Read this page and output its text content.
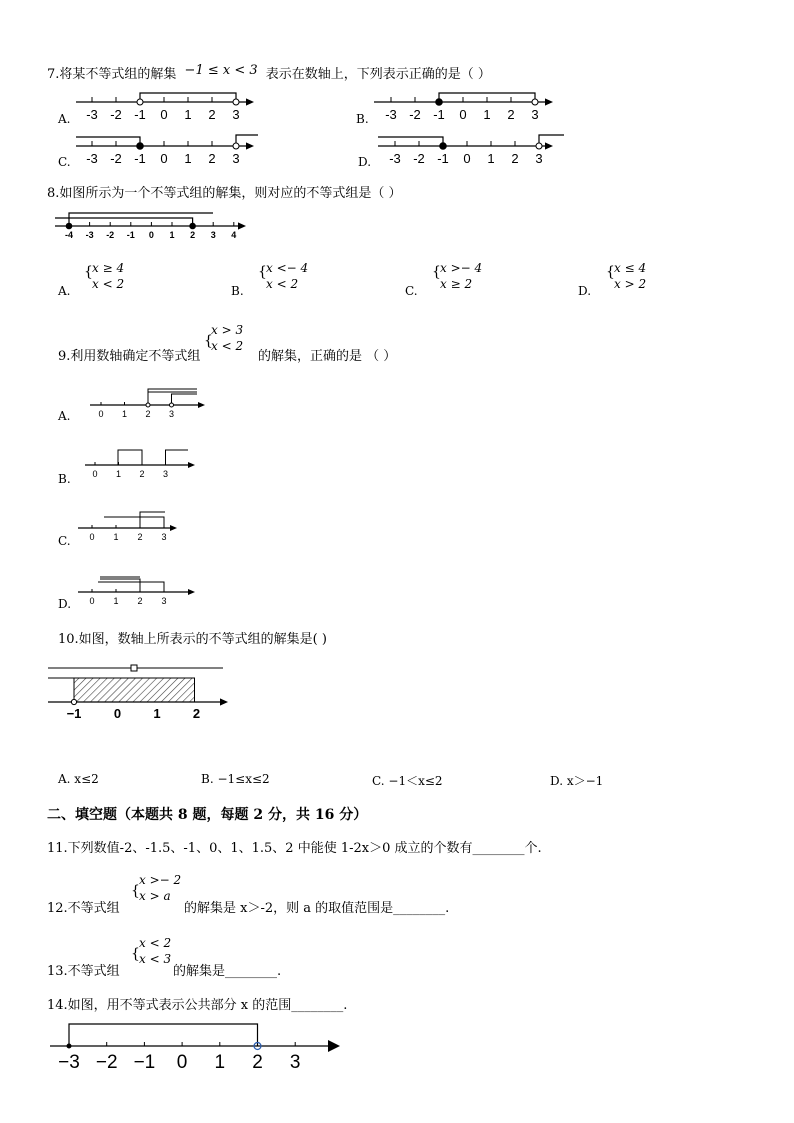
7.将某不等式组的解集 −1 ≤ x < 3 表示在数轴上，下列表示正确的是（ ）
A.	B.
C.	D.
-3 -2 -1 0 1 2 3	-3 -2 -1 0 1 2 3
-3 -2 -1 0 1 2 3	-3 -2 -1 0 1 2 3
8.如图所示为一个不等式组的解集，则对应的不等式组是（ ）
-4 -3 -2 -1 0 1 2 3 4
A.
{ x ≥ 4
x < 2	B.
{ x <− 4
x < 2	C.
{ x >− 4
x ≥ 2	D.
{ x ≤ 4
x > 2
9.利用数轴确定不等式组
{
x > 3
x < 2
的解集，正确的是 （ ）
A.
B.
C.
D.
0 1 2 3
0 1 2 3
0 1 2 3
0 1 2 3
10.如图，数轴上所表示的不等式组的解集是( )
−1 0 1 2
A. x≤2	B. −1≤x≤2	C. −1＜x≤2	D. x＞−1
二、填空题（本题共 8 题，每题 2 分，共 16 分）
11.下列数值-2、-1.5、-1、0、1、1.5、2 中能使 1-2x＞0 成立的个数有________个.
12.不等式组
{
x >− 2
x > a
的解集是 x＞-2，则 a 的取值范围是________.
13.不等式组
{
x < 2
x < 3
的解集是________.
14.如图，用不等式表示公共部分 x 的范围________.
−3 −2 −1 0 1 2 3
